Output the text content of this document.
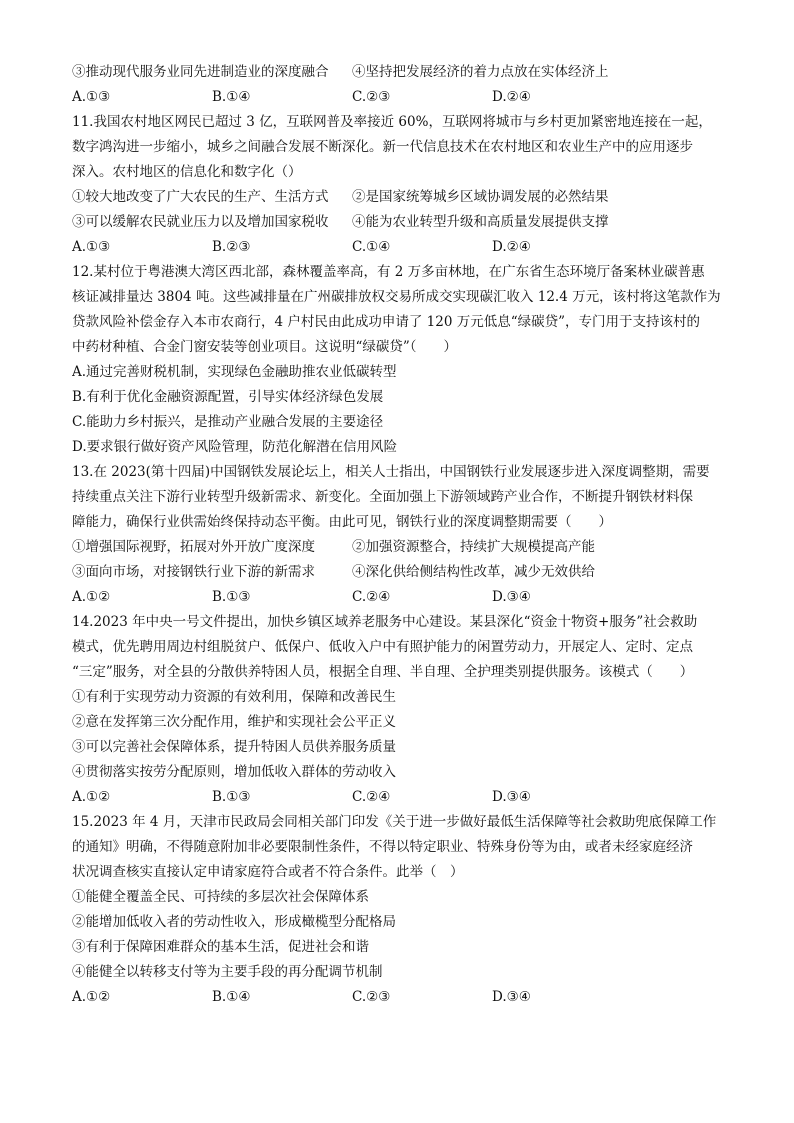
③推动现代服务业同先进制造业的深度融合	④坚持把发展经济的着力点放在实体经济上
A.①③	B.①④	C.②③	D.②④
11.我国农村地区网民已超过 3 亿，互联网普及率接近 60%，互联网将城市与乡村更加紧密地连接在一起，
数字鸿沟进一步缩小，城乡之间融合发展不断深化。新一代信息技术在农村地区和农业生产中的应用逐步
深入。农村地区的信息化和数字化（）
①较大地改变了广大农民的生产、生活方式	②是国家统筹城乡区域协调发展的必然结果
③可以缓解农民就业压力以及增加国家税收	④能为农业转型升级和高质量发展提供支撑
A.①③	B.②③	C.①④	D.②④
12.某村位于粤港澳大湾区西北部，森林覆盖率高，有 2 万多亩林地，在广东省生态环境厅备案林业碳普惠
核证减排量达 3804 吨。这些减排量在广州碳排放权交易所成交实现碳汇收入 12.4 万元，该村将这笔款作为
贷款风险补偿金存入本市农商行，4 户村民由此成功申请了 120 万元低息“绿碳贷”，专门用于支持该村的
中药材种植、合金门窗安装等创业项目。这说明“绿碳贷”（　　）
A.通过完善财税机制，实现绿色金融助推农业低碳转型
B.有利于优化金融资源配置，引导实体经济绿色发展
C.能助力乡村振兴，是推动产业融合发展的主要途径
D.要求银行做好资产风险管理，防范化解潜在信用风险
13.在 2023(第十四届)中国钢铁发展论坛上，相关人士指出，中国钢铁行业发展逐步进入深度调整期，需要
持续重点关注下游行业转型升级新需求、新变化。全面加强上下游领域跨产业合作，不断提升钢铁材料保
障能力，确保行业供需始终保持动态平衡。由此可见，钢铁行业的深度调整期需要（　　）
①增强国际视野，拓展对外开放广度深度	②加强资源整合，持续扩大规模提高产能
③面向市场，对接钢铁行业下游的新需求	④深化供给侧结构性改革，减少无效供给
A.①②	B.①③	C.②④	D.③④
14.2023 年中央一号文件提出，加快乡镇区域养老服务中心建设。某县深化“资金十物资+服务”社会救助
模式，优先聘用周边村组脱贫户、低保户、低收入户中有照护能力的闲置劳动力，开展定人、定时、定点
“三定”服务，对全县的分散供养特困人员，根据全自理、半自理、全护理类别提供服务。该模式（　　）
①有利于实现劳动力资源的有效利用，保障和改善民生
②意在发挥第三次分配作用，维护和实现社会公平正义
③可以完善社会保障体系，提升特困人员供养服务质量
④贯彻落实按劳分配原则，增加低收入群体的劳动收入
A.①②	B.①③	C.②④	D.③④
15.2023 年 4 月，天津市民政局会同相关部门印发《关于进一步做好最低生活保障等社会救助兜底保障工作
的通知》明确，不得随意附加非必要限制性条件，不得以特定职业、特殊身份等为由，或者未经家庭经济
状况调查核实直接认定申请家庭符合或者不符合条件。此举（　）
①能健全覆盖全民、可持续的多层次社会保障体系
②能增加低收入者的劳动性收入，形成橄榄型分配格局
③有利于保障困难群众的基本生活，促进社会和谐
④能健全以转移支付等为主要手段的再分配调节机制
A.①②	B.①④	C.②③	D.③④
